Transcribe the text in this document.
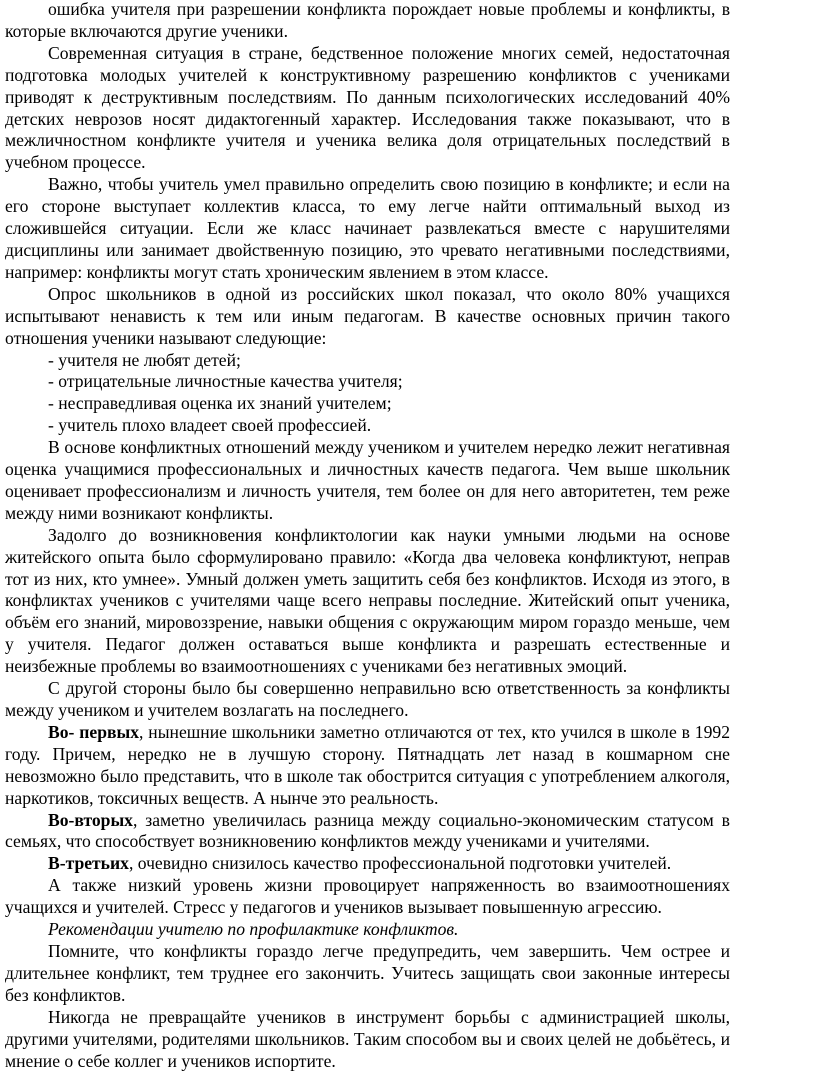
ошибка учителя при разрешении конфликта порождает новые проблемы и конфликты, в которые включаются другие ученики.

Современная ситуация в стране, бедственное положение многих семей, недостаточная подготовка молодых учителей к конструктивному разрешению конфликтов с учениками приводят к деструктивным последствиям. По данным психологических исследований 40% детских неврозов носят дидактогенный характер. Исследования также показывают, что в межличностном конфликте учителя и ученика велика доля отрицательных последствий в учебном процессе.

Важно, чтобы учитель умел правильно определить свою позицию в конфликте; и если на его стороне выступает коллектив класса, то ему легче найти оптимальный выход из сложившейся ситуации. Если же класс начинает развлекаться вместе с нарушителями дисциплины или занимает двойственную позицию, это чревато негативными последствиями, например: конфликты могут стать хроническим явлением в этом классе.

Опрос школьников в одной из российских школ показал, что около 80% учащихся испытывают ненависть к тем или иным педагогам. В качестве основных причин такого отношения ученики называют следующие:

- учителя не любят детей;

- отрицательные личностные качества учителя;

- несправедливая оценка их знаний учителем;

- учитель плохо владеет своей профессией.

В основе конфликтных отношений между учеником и учителем нередко лежит негативная оценка учащимися профессиональных и личностных качеств педагога. Чем выше школьник оценивает профессионализм и личность учителя, тем более он для него авторитетен, тем реже между ними возникают конфликты.

Задолго до возникновения конфликтологии как науки умными людьми на основе житейского опыта было сформулировано правило: «Когда два человека конфликтуют, неправ тот из них, кто умнее». Умный должен уметь защитить себя без конфликтов. Исходя из этого, в конфликтах учеников с учителями чаще всего неправы последние. Житейский опыт ученика, объём его знаний, мировоззрение, навыки общения с окружающим миром гораздо меньше, чем у учителя. Педагог должен оставаться выше конфликта и разрешать естественные и неизбежные проблемы во взаимоотношениях с учениками без негативных эмоций.

С другой стороны было бы совершенно неправильно всю ответственность за конфликты между учеником и учителем возлагать на последнего.

Во- первых, нынешние школьники заметно отличаются от тех, кто учился в школе в 1992 году. Причем, нередко не в лучшую сторону. Пятнадцать лет назад в кошмарном сне невозможно было представить, что в школе так обострится ситуация с употреблением алкоголя, наркотиков, токсичных веществ. А нынче это реальность.

Во-вторых, заметно увеличилась разница между социально-экономическим статусом в семьях, что способствует возникновению конфликтов между учениками и учителями.

В-третьих, очевидно снизилось качество профессиональной подготовки учителей.

А также низкий уровень жизни провоцирует напряженность во взаимоотношениях учащихся и учителей. Стресс у педагогов и учеников вызывает повышенную агрессию.

Рекомендации учителю по профилактике конфликтов.

Помните, что конфликты гораздо легче предупредить, чем завершить. Чем острее и длительнее конфликт, тем труднее его закончить. Учитесь защищать свои законные интересы без конфликтов.

Никогда не превращайте учеников в инструмент борьбы с администрацией школы, другими учителями, родителями школьников. Таким способом вы и своих целей не добьётесь, и мнение о себе коллег и учеников испортите.
